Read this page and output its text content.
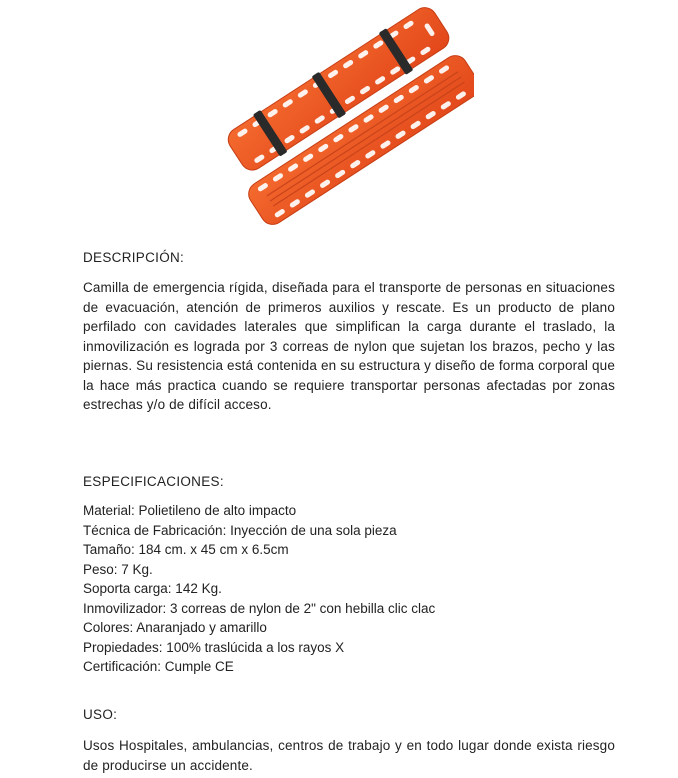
DESCRIPCIÓN:
Camilla de emergencia rígida, diseñada para el transporte de personas en situaciones de evacuación, atención de primeros auxilios y rescate. Es un producto de plano perfilado con cavidades laterales que simplifican la carga durante el traslado, la inmovilización es lograda por 3 correas de nylon que sujetan los brazos, pecho y las piernas. Su resistencia está contenida en su estructura y diseño de forma corporal que la hace más practica cuando se requiere transportar personas afectadas por zonas estrechas y/o de difícil acceso.
ESPECIFICACIONES:
Material: Polietileno de alto impacto
Técnica de Fabricación: Inyección de una sola pieza
Tamaño: 184 cm. x 45 cm x 6.5cm
Peso: 7 Kg.
Soporta carga: 142 Kg.
Inmovilizador: 3 correas de nylon de 2" con hebilla clic clac
Colores: Anaranjado y amarillo
Propiedades: 100% traslúcida a los rayos X
Certificación: Cumple CE
USO:
Usos Hospitales, ambulancias, centros de trabajo y en todo lugar donde exista riesgo de producirse un accidente.
